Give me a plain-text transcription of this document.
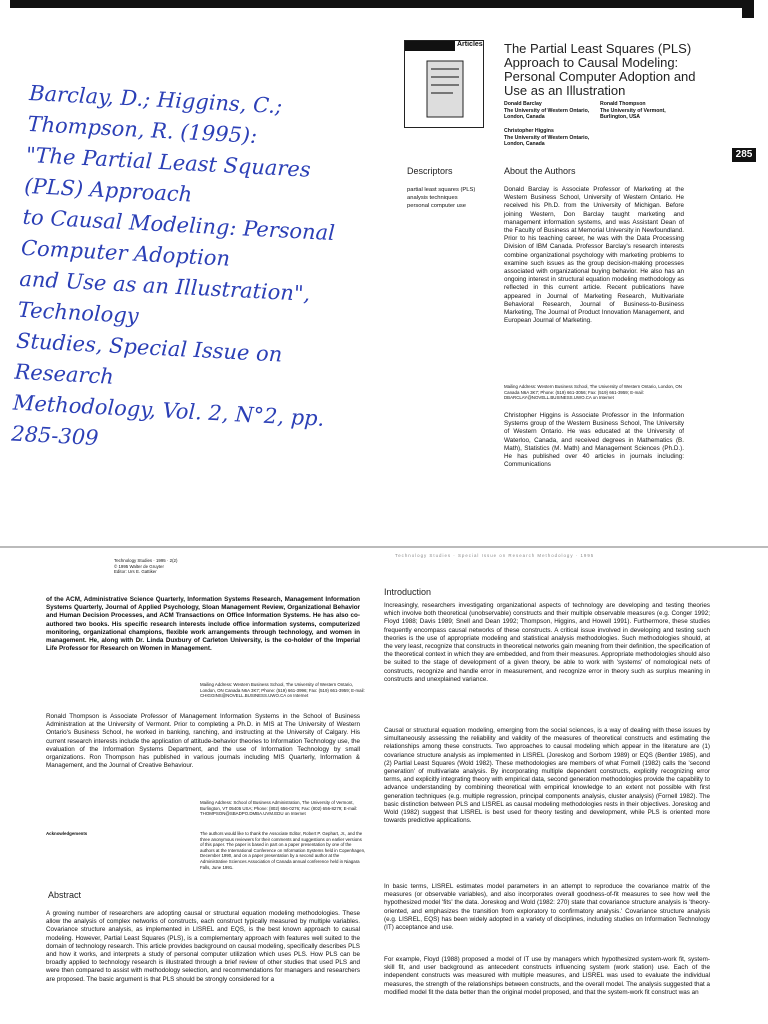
Barclay, D.; Higgins, C.; Thompson, R. (1995):
"The Partial Least Squares (PLS) Approach
to Causal Modeling: Personal Computer Adoption
and Use as an Illustration", Technology
Studies, Special Issue on Research
Methodology, Vol. 2, N°2, pp. 285-309
Articles The Partial Least Squares (PLS)
Approach to Causal Modeling:
Personal Computer Adoption and
Use as an Illustration
Donald Barclay
The University of Western Ontario,
London, Canada
Ronald Thompson
The University of Vermont,
Burlington, USA
Christopher Higgins
The University of Western Ontario,
London, Canada
285
Descriptors
partial least squares (PLS)
analysis techniques
personal computer use
About the Authors

Donald Barclay is Associate Professor of Marketing at the Western Business School, University of Western Ontario. He received his Ph.D. from the University of Michigan. Before joining Western, Don Barclay taught marketing and management information systems, and was Assistant Dean of the Faculty of Business at Memorial University in Newfoundland. Prior to his teaching career, he was with the Data Processing Division of IBM Canada. Professor Barclay's research interests combine organizational psychology with marketing problems to examine such issues as the group decision-making processes associated with organizational buying behavior. He also has an ongoing interest in structural equation modeling methodology as reflected in this current article. Recent publications have appeared in Journal of Marketing Research, Multivariate Behavioral Research, Journal of Business-to-Business Marketing, The Journal of Product Innovation Management, and European Journal of Marketing.

Mailing Address: Western Business School, The University of Western Ontario, London, ON Canada N6A 3K7; Phone: (519) 661-3056; Fax: (519) 661-3959; E-mail: DBARCLAY@NOVELL.BUSINESS.UWO.CA on Internet

Christopher Higgins is Associate Professor in the Information Systems group of the Western Business School, The University of Western Ontario. He was educated at the University of Waterloo, Canada, and received degrees in Mathematics (B. Math), Statistics (M. Math) and Management Sciences (Ph.D.). He has published over 40 articles in journals including: Communications

Technology Studies · 1995 · 2(2)
© 1995 Walter de Gruyter
Editor: Urs E. Gattiker
Technology Studies · Special Issue on Research Methodology · 1995

of the ACM, Administrative Science Quarterly, Information Systems Research, Management Information Systems Quarterly, Journal of Applied Psychology, Sloan Management Review, Organizational Behavior and Human Decision Processes, and ACM Transactions on Office Information Systems. He has also co-authored two books. His specific research interests include office information systems, computerized monitoring, organizational champions, flexible work arrangements through technology, and women in management. He, along with Dr. Linda Duxbury of Carleton University, is the co-holder of the Imperial Life Professor for Research on Women in Management.

Mailing Address: Western Business School, The University of Western Ontario, London, ON Canada N6A 3K7; Phone: (519) 661-3996; Fax: (519) 661-3959; E-mail: CHIGGINS@NOVELL.BUSINESS.UWO.CA on Internet

Ronald Thompson is Associate Professor of Management Information Systems in the School of Business Administration at the University of Vermont. Prior to completing a Ph.D. in MIS at The University of Western Ontario's Business School, he worked in banking, ranching, and instructing at the University of Calgary. His current research interests include the application of attitude-behavior theories to Information Technology use, the evaluation of the Information Systems Department, and the use of Information Technology by small organizations. Ron Thompson has published in various journals including MIS Quarterly, Information & Management, and the Journal of Creative Behaviour.

Mailing Address: School of Business Administration, The University of Vermont, Burlington, VT 05405 USA; Phone: (802) 656-0276; Fax: (802) 656-8279; E-mail: THOMPSON@SBADPO.DMBA.UVM.EDU on Internet

Acknowledgements	The authors would like to thank the Associate Editor, Robert P. Gephart, Jr., and the three anonymous reviewers for their comments and suggestions on earlier versions of this paper. The paper is based in part on a paper presentation by one of the authors at the International Conference on Information Systems held in Copenhagen, December 1990, and on a paper presentation by a second author at the Administrative Sciences Association of Canada annual conference held in Niagara Falls, June 1991.

Abstract

A growing number of researchers are adopting causal or structural equation modeling methodologies. These allow the analysis of complex networks of constructs, each construct typically measured by multiple variables. Covariance structure analysis, as implemented in LISREL and EQS, is the best known approach to causal modeling. However, Partial Least Squares (PLS), is a complementary approach with features well suited to the domain of technology research. This article provides background on causal modeling, specifically describes PLS and how it works, and interprets a study of personal computer utilization which uses PLS. How PLS can be broadly applied to technology research is illustrated through a brief review of other studies that used PLS and were then compared to assist with methodology selection, and recommendations for managers and researchers are proposed. The basic argument is that PLS should be strongly considered for a

Introduction

Increasingly, researchers investigating organizational aspects of technology are developing and testing theories which involve both theoretical (unobservable) constructs and their multiple observable measures (e.g. Conger 1992; Floyd 1988; Davis 1989; Snell and Dean 1992; Thompson, Higgins, and Howell 1991). Furthermore, these studies frequently encompass causal networks of these constructs. A critical issue involved in developing and testing such theories is the use of appropriate modeling and statistical analysis methodologies. Such methodologies should, at the very least, recognize that constructs in theoretical networks gain meaning from their definition, the specification of the theoretical context in which they are embedded, and from their measures. Appropriate methodologies should also be suited to the stage of development of a given theory, be able to work with 'systems' of nomological nets of constructs, recognize and handle error in measurement, and recognize error in theory such as surplus meaning in constructs and unexplained variance.

Causal or structural equation modeling, emerging from the social sciences, is a way of dealing with these issues by simultaneously assessing the reliability and validity of the measures of theoretical constructs and estimating the relationships among these constructs. Two approaches to causal modeling which appear in the literature are (1) covariance structure analysis as implemented in LISREL (Joreskog and Sorbom 1989) or EQS (Bentler 1985), and (2) Partial Least Squares (Wold 1982). These methodologies are members of what Fornell (1982) calls the 'second generation' of multivariate analysis. By incorporating multiple dependent constructs, explicitly recognizing error terms, and explicitly integrating theory with empirical data, second generation methodologies provide the capability to advance understanding by combining theoretical with empirical knowledge to an extent not possible with first generation techniques (e.g. multiple regression, principal components analysis, cluster analysis) (Fornell 1982). The basic distinction between PLS and LISREL as causal modeling methodologies rests in their objectives. Joreskog and Wold (1982) suggest that LISREL is best used for theory testing and development, while PLS is oriented more towards predictive applications.

In basic terms, LISREL estimates model parameters in an attempt to reproduce the covariance matrix of the measures (or observable variables), and also incorporates overall goodness-of-fit measures to see how well the hypothesized model 'fits' the data. Joreskog and Wold (1982: 270) state that covariance structure analysis is 'theory-oriented, and emphasizes the transition from exploratory to confirmatory analysis.' Covariance structure analysis (e.g. LISREL, EQS) has been widely adopted in a variety of disciplines, including studies on Information Technology (IT) acceptance and use.

For example, Floyd (1988) proposed a model of IT use by managers which hypothesized system-work fit, system-skill fit, and user background as antecedent constructs influencing system (work station) use. Each of the independent constructs was measured with multiple measures, and LISREL was used to evaluate the individual measures, the strength of the relationships between constructs, and the overall model. The analysis suggested that a modified model fit the data better than the original model proposed, and that the system-work fit construct was an
